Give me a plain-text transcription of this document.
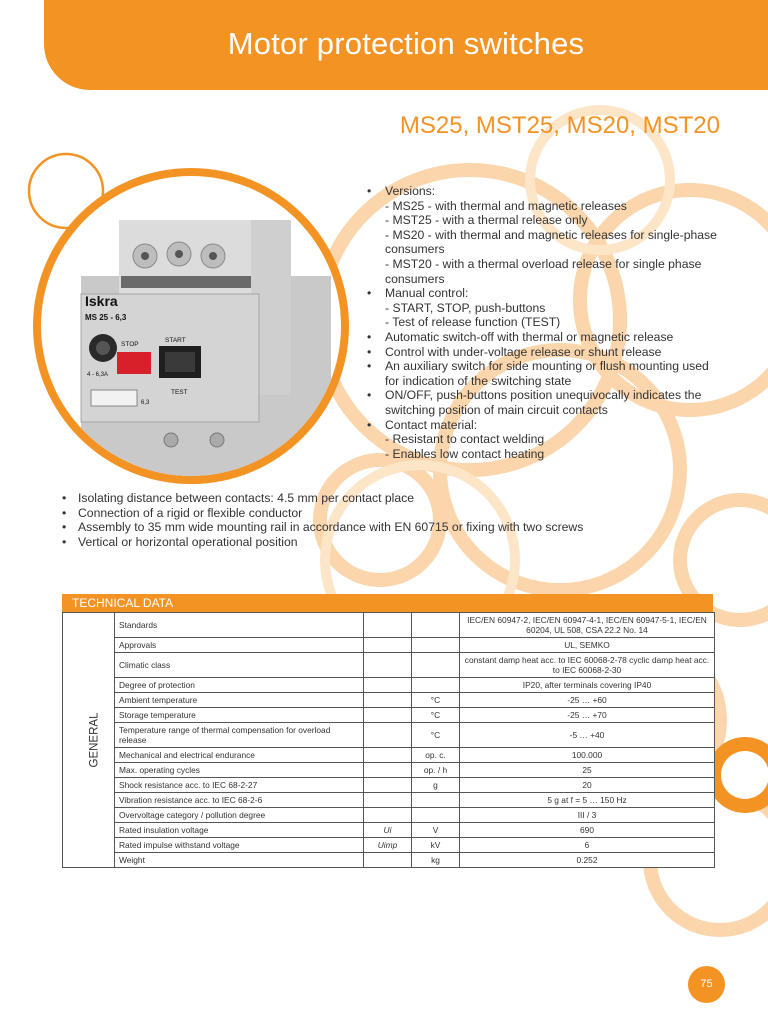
Motor protection switches
MS25, MST25, MS20, MST20
Iskra
MS 25 - 6,3
STOP
START
4 - 6,3A
TEST
6,3
• Versions:
- MS25 - with thermal and magnetic releases
- MST25 - with a thermal release only
- MS20 - with thermal and magnetic releases for single-phase consumers
- MST20 - with a thermal overload release for single phase consumers
• Manual control:
- START, STOP, push-buttons
- Test of release function (TEST)
• Automatic switch-off with thermal or magnetic release
• Control with under-voltage release or shunt release
• An auxiliary switch for side mounting or flush mounting used for indication of the switching state
• ON/OFF, push-buttons position unequivocally indicates the switching position of main circuit contacts
• Contact material:
- Resistant to contact welding
- Enables low contact heating
• Isolating distance between contacts: 4.5 mm per contact place
• Connection of a rigid or flexible conductor
• Assembly to 35 mm wide mounting rail in accordance with EN 60715 or fixing with two screws
• Vertical or horizontal operational position
TECHNICAL DATA
GENERAL	Standards			IEC/EN 60947-2, IEC/EN 60947-4-1, IEC/EN 60947-5-1, IEC/EN 60204, UL 508, CSA 22.2 No. 14
	Approvals			UL, SEMKO
	Climatic class			constant damp heat acc. to IEC 60068-2-78 cyclic damp heat acc. to IEC 60068-2-30
	Degree of protection			IP20, after terminals covering IP40
	Ambient temperature		°C	-25 … +60
	Storage temperature		°C	-25 … +70
	Temperature range of thermal compensation for overload release		°C	-5 … +40
	Mechanical and electrical endurance		op. c.	100.000
	Max. operating cycles		op. / h	25
	Shock resistance acc. to IEC 68-2-27		g	20
	Vibration resistance acc. to IEC 68-2-6			5 g at f = 5 … 150 Hz
	Overvoltage category / pollution degree			III / 3
	Rated insulation voltage	Ui	V	690
	Rated impulse withstand voltage	Uimp	kV	6
	Weight		kg	0.252
75
